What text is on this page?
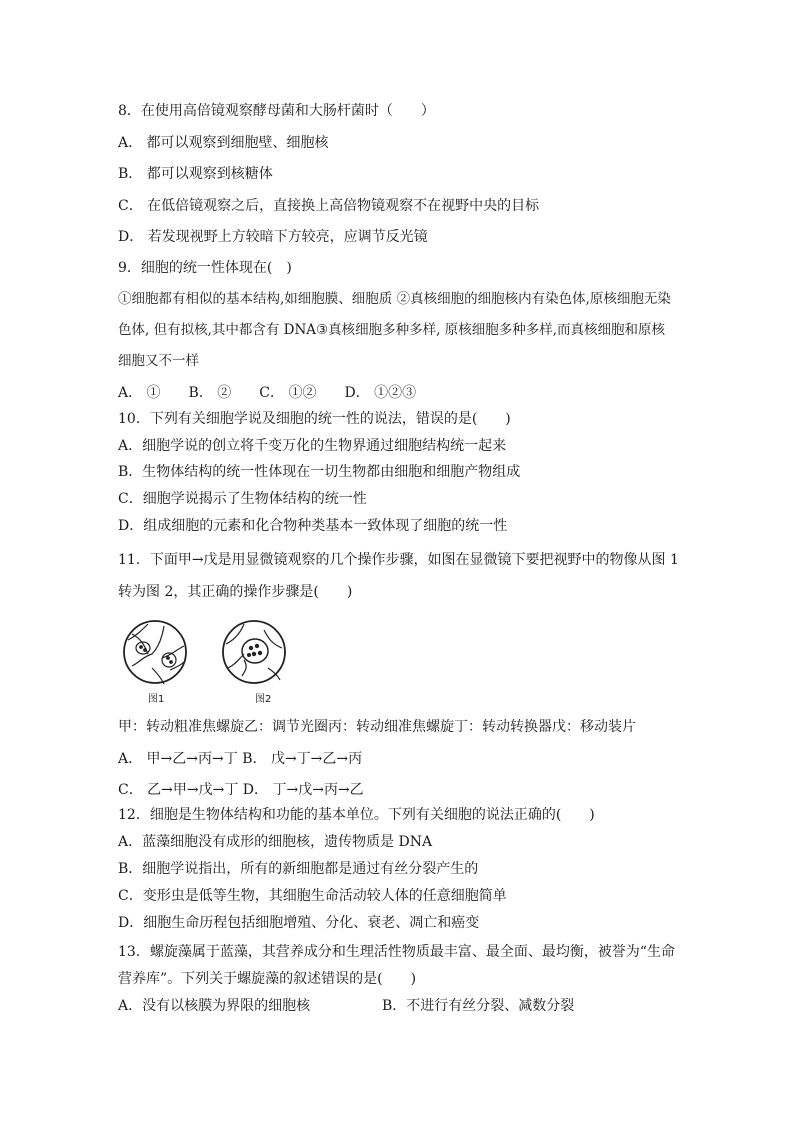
8．在使用高倍镜观察酵母菌和大肠杆菌时（　　）
A． 都可以观察到细胞壁、细胞核
B． 都可以观察到核糖体
C． 在低倍镜观察之后，直接换上高倍物镜观察不在视野中央的目标
D． 若发现视野上方较暗下方较亮，应调节反光镜
9．细胞的统一性体现在(　)
①细胞都有相似的基本结构,如细胞膜、细胞质 ②真核细胞的细胞核内有染色体,原核细胞无染色体, 但有拟核,其中都含有 DNA③真核细胞多种多样, 原核细胞多种多样,而真核细胞和原核细胞又不一样
A． ①　　B． ②　　C． ①②　　D． ①②③
10．下列有关细胞学说及细胞的统一性的说法，错误的是(　　)
A．细胞学说的创立将千变万化的生物界通过细胞结构统一起来
B．生物体结构的统一性体现在一切生物都由细胞和细胞产物组成
C．细胞学说揭示了生物体结构的统一性
D．组成细胞的元素和化合物种类基本一致体现了细胞的统一性
11．下面甲→戊是用显微镜观察的几个操作步骤，如图在显微镜下要把视野中的物像从图 1
转为图 2，其正确的操作步骤是(　　)
图1	图2
甲：转动粗准焦螺旋乙：调节光圈丙：转动细准焦螺旋丁：转动转换器戊：移动装片
A． 甲→乙→丙→丁 B． 戊→丁→乙→丙
C． 乙→甲→戊→丁 D． 丁→戊→丙→乙
12．细胞是生物体结构和功能的基本单位。下列有关细胞的说法正确的(　　)
A．蓝藻细胞没有成形的细胞核，遗传物质是 DNA
B．细胞学说指出，所有的新细胞都是通过有丝分裂产生的
C．变形虫是低等生物，其细胞生命活动较人体的任意细胞简单
D．细胞生命历程包括细胞增殖、分化、衰老、凋亡和癌变
13．螺旋藻属于蓝藻，其营养成分和生理活性物质最丰富、最全面、最均衡，被誉为“生命
营养库”。下列关于螺旋藻的叙述错误的是(　　)
A．没有以核膜为界限的细胞核	B．不进行有丝分裂、减数分裂
